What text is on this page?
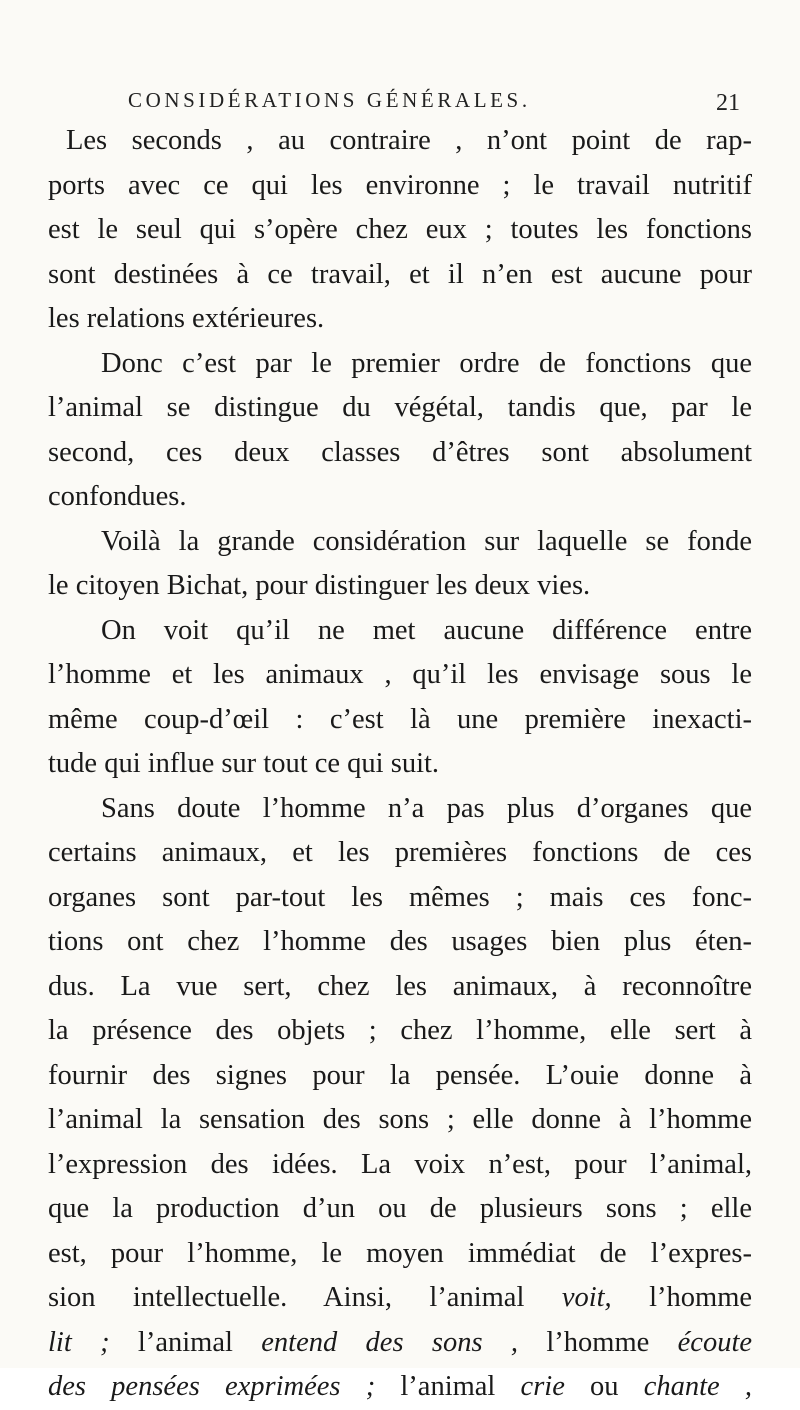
CONSIDÉRATIONS GÉNÉRALES.	21
Les seconds , au contraire , n’ont point de rap-
ports avec ce qui les environne ; le travail nutritif
est le seul qui s’opère chez eux ; toutes les fonctions
sont destinées à ce travail, et il n’en est aucune pour
les relations extérieures.
Donc c’est par le premier ordre de fonctions que
l’animal se distingue du végétal, tandis que, par le
second, ces deux classes d’êtres sont absolument
confondues.
Voilà la grande considération sur laquelle se fonde
le citoyen Bichat, pour distinguer les deux vies.
On voit qu’il ne met aucune différence entre
l’homme et les animaux , qu’il les envisage sous le
même coup-d’œil : c’est là une première inexacti-
tude qui influe sur tout ce qui suit.
Sans doute l’homme n’a pas plus d’organes que
certains animaux, et les premières fonctions de ces
organes sont par-tout les mêmes ; mais ces fonc-
tions ont chez l’homme des usages bien plus éten-
dus. La vue sert, chez les animaux, à reconnoître
la présence des objets ; chez l’homme, elle sert à
fournir des signes pour la pensée. L’ouie donne à
l’animal la sensation des sons ; elle donne à l’homme
l’expression des idées. La voix n’est, pour l’animal,
que la production d’un ou de plusieurs sons ; elle
est, pour l’homme, le moyen immédiat de l’expres-
sion intellectuelle. Ainsi, l’animal voit, l’homme
lit ; l’animal entend des sons , l’homme écoute
des pensées exprimées ; l’animal crie ou chante ,
